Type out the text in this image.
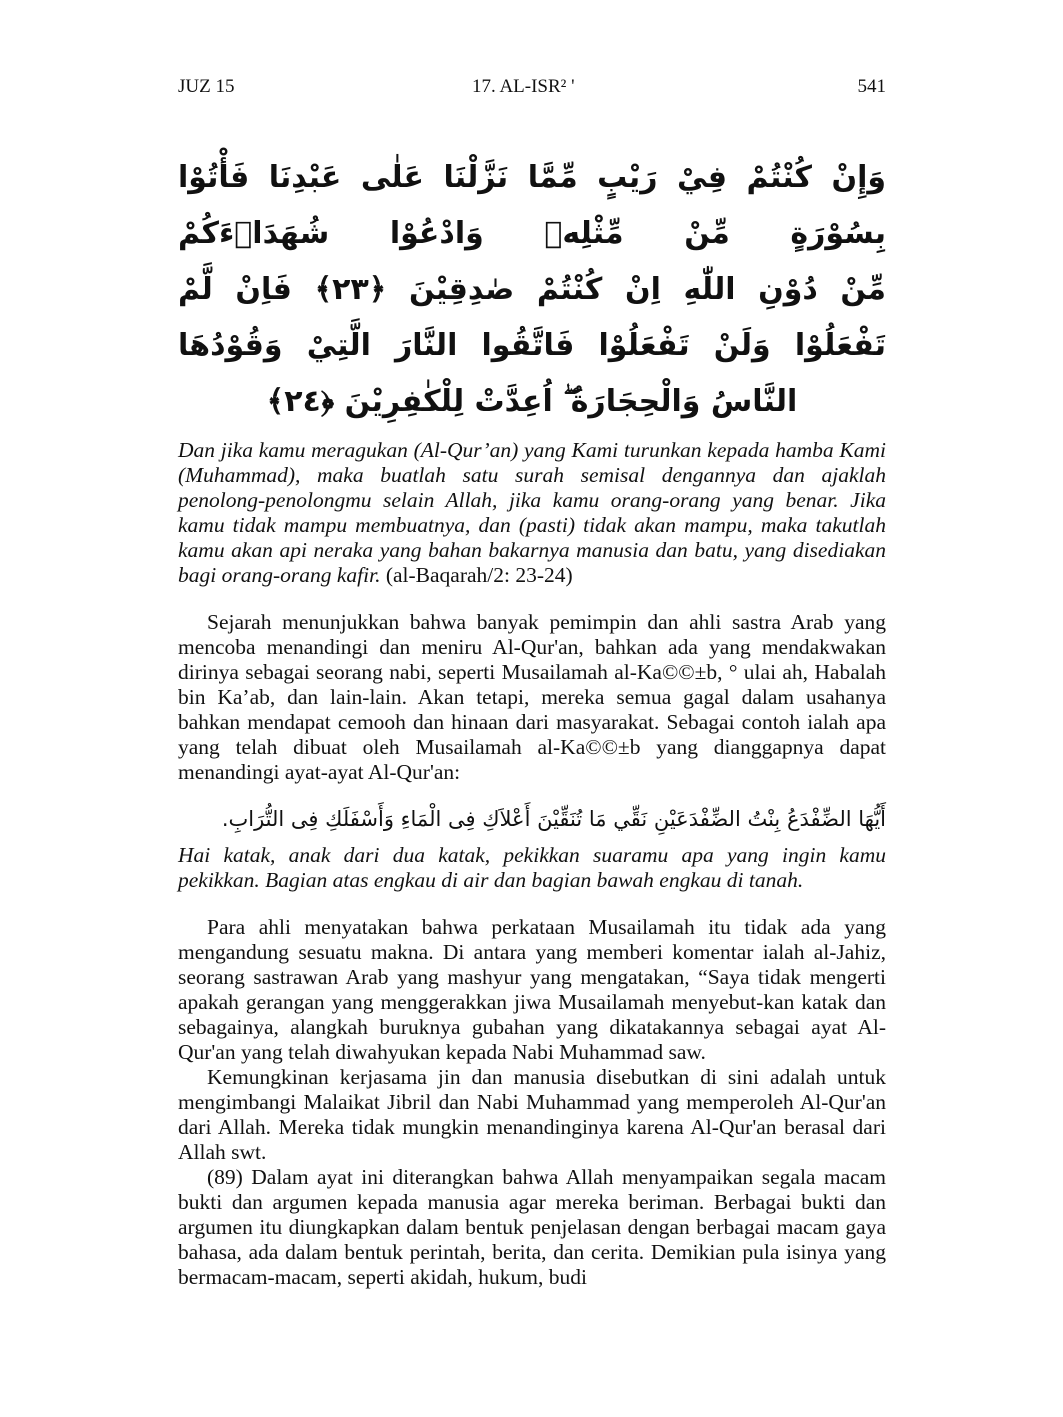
JUZ 15	17. AL-ISR² '	541
وَإِنْ كُنْتُمْ فِيْ رَيْبٍ مِّمَّا نَزَّلْنَا عَلٰى عَبْدِنَا فَأْتُوْا بِسُوْرَةٍ مِّنْ مِّثْلِهٖ وَادْعُوْا شُهَدَاۤءَكُمْ
مِّنْ دُوْنِ اللّٰهِ اِنْ كُنْتُمْ صٰدِقِيْنَ ﴿٢٣﴾ فَاِنْ لَّمْ تَفْعَلُوْا وَلَنْ تَفْعَلُوْا فَاتَّقُوا النَّارَ الَّتِيْ وَقُوْدُهَا
النَّاسُ وَالْحِجَارَةُ ۖ اُعِدَّتْ لِلْكٰفِرِيْنَ ﴿٢٤﴾

Dan jika kamu meragukan (Al-Qur’an) yang Kami turunkan kepada hamba Kami (Muhammad), maka buatlah satu surah semisal dengannya dan ajaklah penolong-penolongmu selain Allah, jika kamu orang-orang yang benar. Jika kamu tidak mampu membuatnya, dan (pasti) tidak akan mampu, maka takutlah kamu akan api neraka yang bahan bakarnya manusia dan batu, yang disediakan bagi orang-orang kafir. (al-Baqarah/2: 23-24)

Sejarah menunjukkan bahwa banyak pemimpin dan ahli sastra Arab yang mencoba menandingi dan meniru Al-Qur'an, bahkan ada yang mendakwakan dirinya sebagai seorang nabi, seperti Musailamah al-Ka©©±b, ° ulai ah, Habalah bin Ka’ab, dan lain-lain. Akan tetapi, mereka semua gagal dalam usahanya bahkan mendapat cemooh dan hinaan dari masyarakat. Sebagai contoh ialah apa yang telah dibuat oleh Musailamah al-Ka©©±b yang dianggapnya dapat menandingi ayat-ayat Al-Qur'an:

أَيُّهَا الضِّفْدَعُ بِنْتُ الضِّفْدَعَيْنِ نَقِّي مَا تُنَقِّيْنَ أَعْلاَكِ فِى الْمَاءِ وَأَسْفَلَكِ فِى التُّرَابِ.

Hai katak, anak dari dua katak, pekikkan suaramu apa yang ingin kamu pekikkan. Bagian atas engkau di air dan bagian bawah engkau di tanah.

Para ahli menyatakan bahwa perkataan Musailamah itu tidak ada yang mengandung sesuatu makna. Di antara yang memberi komentar ialah al-Jahiz, seorang sastrawan Arab yang mashyur yang mengatakan, “Saya tidak mengerti apakah gerangan yang menggerakkan jiwa Musailamah menyebut-kan katak dan sebagainya, alangkah buruknya gubahan yang dikatakannya sebagai ayat Al-Qur'an yang telah diwahyukan kepada Nabi Muhammad saw.

Kemungkinan kerjasama jin dan manusia disebutkan di sini adalah untuk mengimbangi Malaikat Jibril dan Nabi Muhammad yang memperoleh Al-Qur'an dari Allah. Mereka tidak mungkin menandinginya karena Al-Qur'an berasal dari Allah swt.

(89) Dalam ayat ini diterangkan bahwa Allah menyampaikan segala macam bukti dan argumen kepada manusia agar mereka beriman. Berbagai bukti dan argumen itu diungkapkan dalam bentuk penjelasan dengan berbagai macam gaya bahasa, ada dalam bentuk perintah, berita, dan cerita. Demikian pula isinya yang bermacam-macam, seperti akidah, hukum, budi
